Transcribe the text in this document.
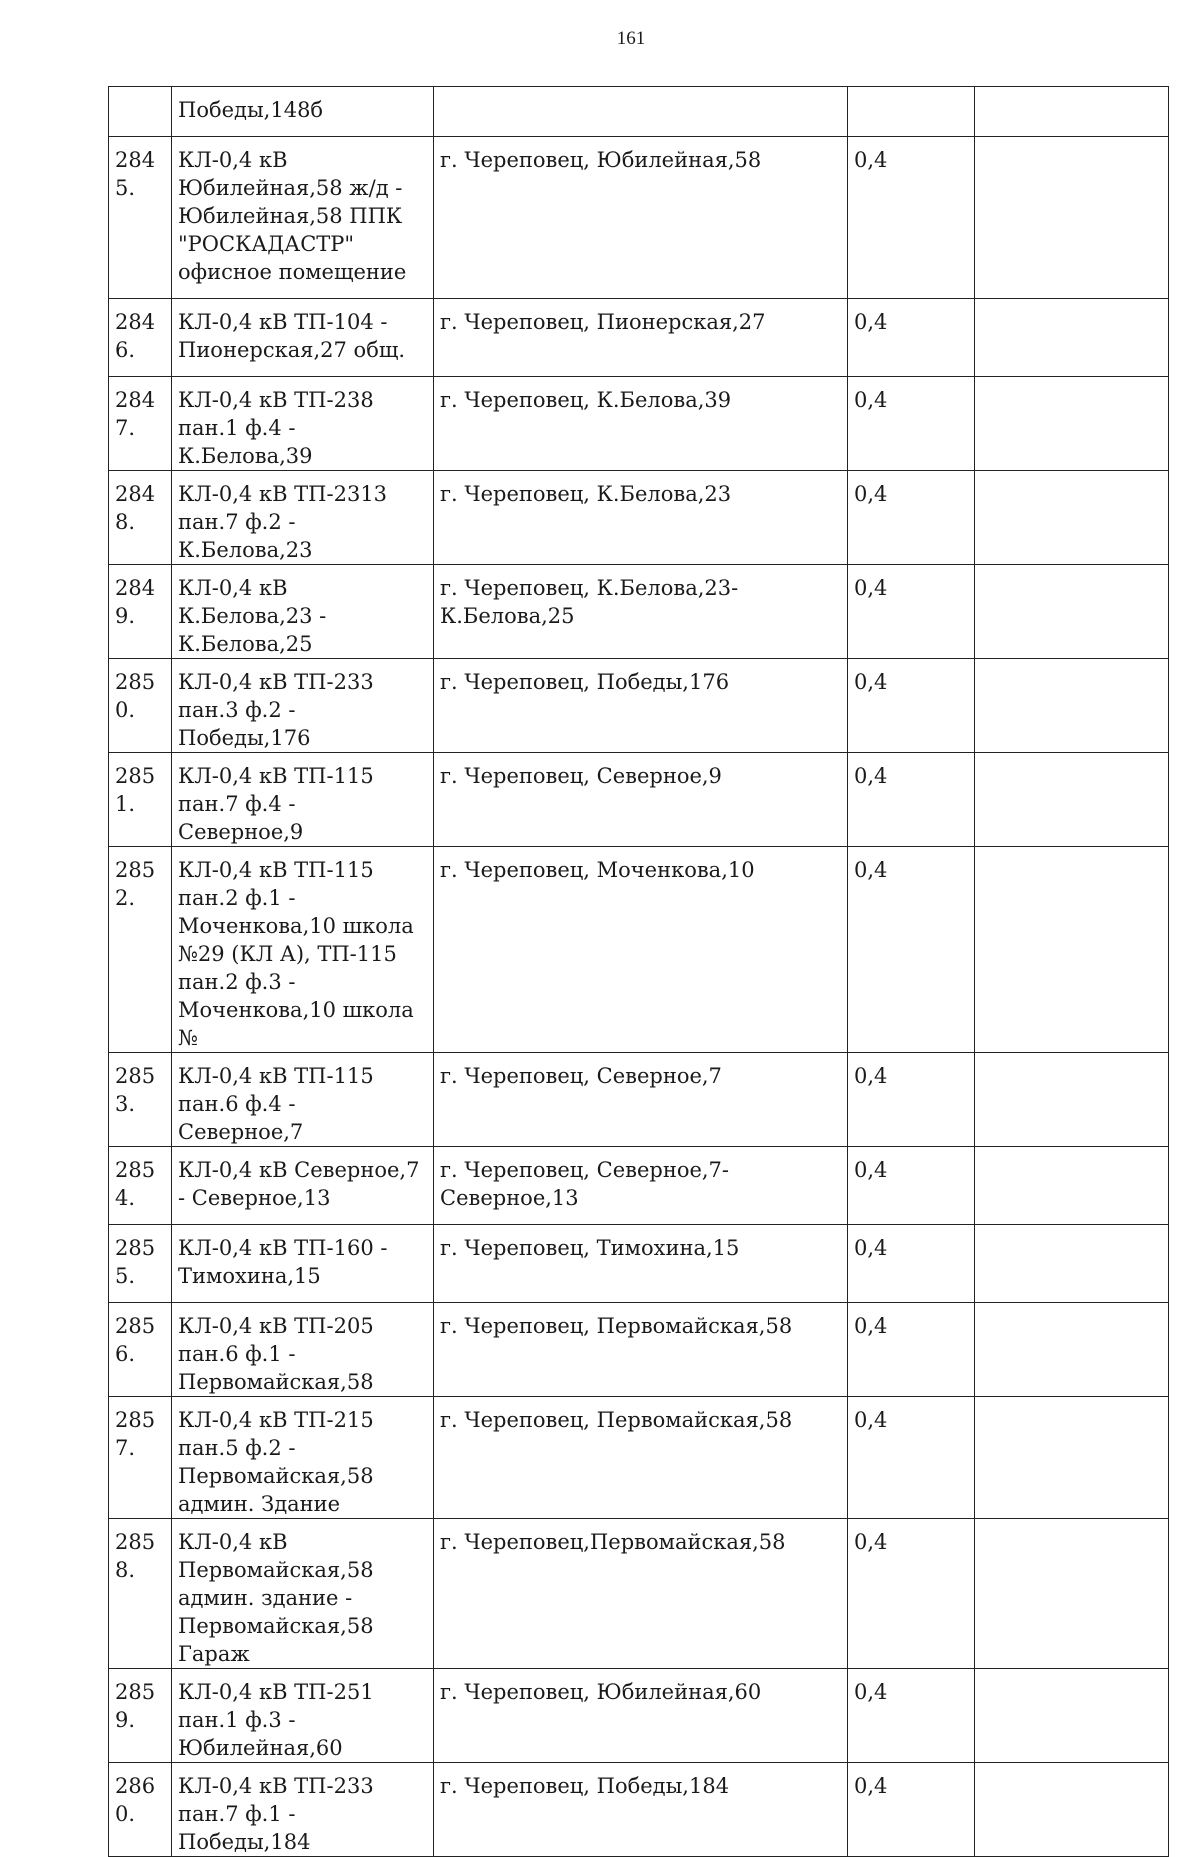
161
	Победы,148б			
2845.	КЛ-0,4 кВ Юбилейная,58 ж/д - Юбилейная,58 ППК "РОСКАДАСТР" офисное помещение	г. Череповец, Юбилейная,58	0,4	
2846.	КЛ-0,4 кВ ТП-104 - Пионерская,27 общ.	г. Череповец, Пионерская,27	0,4	
2847.	КЛ-0,4 кВ ТП-238 пан.1 ф.4 - К.Белова,39	г. Череповец, К.Белова,39	0,4	
2848.	КЛ-0,4 кВ ТП-2313 пан.7 ф.2 - К.Белова,23	г. Череповец, К.Белова,23	0,4	
2849.	КЛ-0,4 кВ К.Белова,23 - К.Белова,25	г. Череповец, К.Белова,23- К.Белова,25	0,4	
2850.	КЛ-0,4 кВ ТП-233 пан.3 ф.2 - Победы,176	г. Череповец, Победы,176	0,4	
2851.	КЛ-0,4 кВ ТП-115 пан.7 ф.4 - Северное,9	г. Череповец, Северное,9	0,4	
2852.	КЛ-0,4 кВ ТП-115 пан.2 ф.1 - Моченкова,10 школа №29 (КЛ А), ТП-115 пан.2 ф.3 - Моченкова,10 школа №	г. Череповец, Моченкова,10	0,4	
2853.	КЛ-0,4 кВ ТП-115 пан.6 ф.4 - Северное,7	г. Череповец, Северное,7	0,4	
2854.	КЛ-0,4 кВ Северное,7 - Северное,13	г. Череповец, Северное,7- Северное,13	0,4	
2855.	КЛ-0,4 кВ ТП-160 - Тимохина,15	г. Череповец, Тимохина,15	0,4	
2856.	КЛ-0,4 кВ ТП-205 пан.6 ф.1 - Первомайская,58	г. Череповец, Первомайская,58	0,4	
2857.	КЛ-0,4 кВ ТП-215 пан.5 ф.2 - Первомайская,58 админ. Здание	г. Череповец, Первомайская,58	0,4	
2858.	КЛ-0,4 кВ Первомайская,58 админ. здание - Первомайская,58 Гараж	г. Череповец,Первомайская,58	0,4	
2859.	КЛ-0,4 кВ ТП-251 пан.1 ф.3 - Юбилейная,60	г. Череповец, Юбилейная,60	0,4	
2860.	КЛ-0,4 кВ ТП-233 пан.7 ф.1 - Победы,184	г. Череповец, Победы,184	0,4	
